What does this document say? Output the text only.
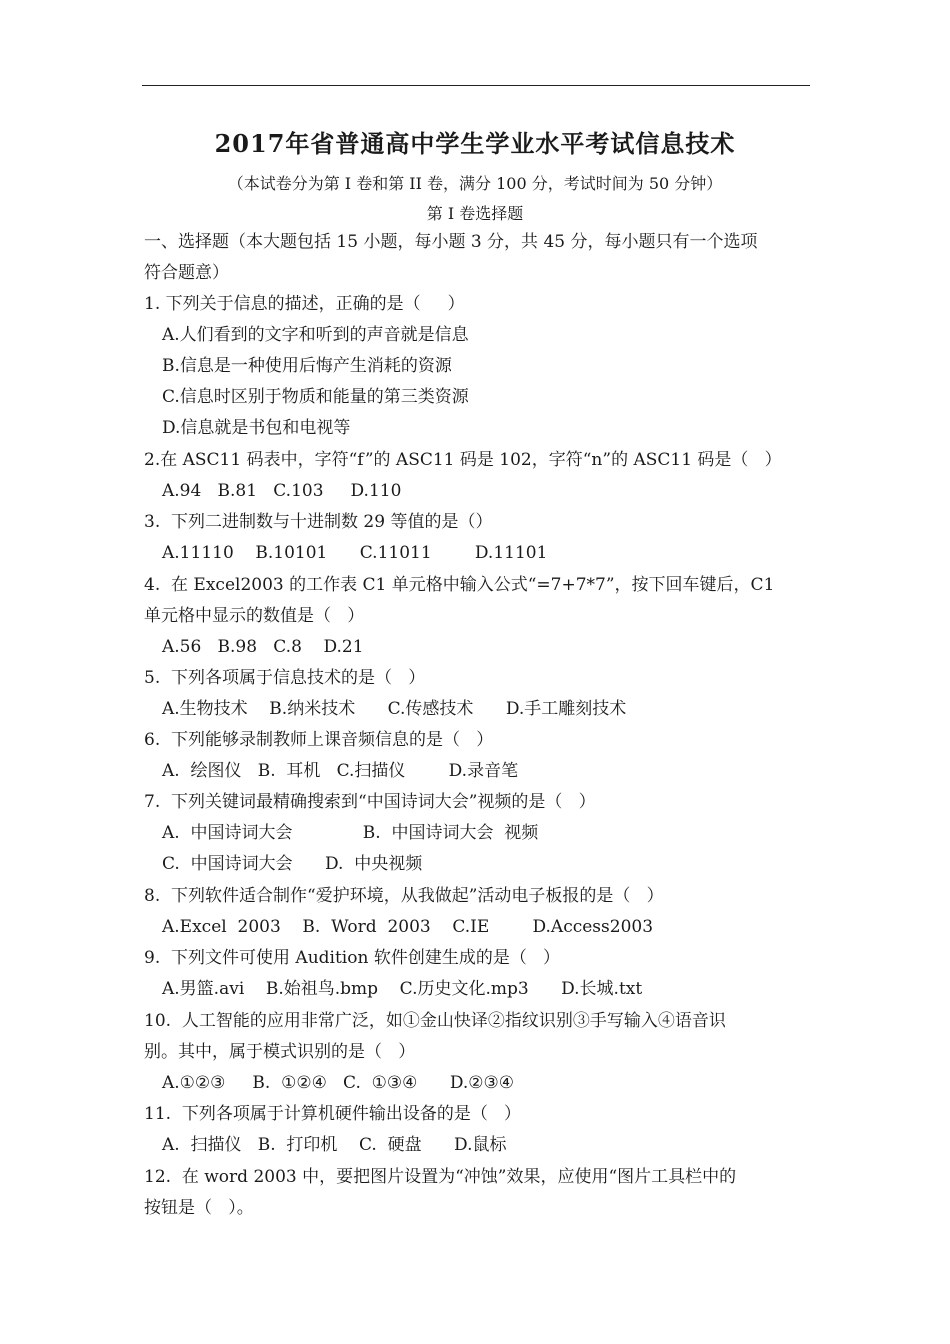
2017年省普通高中学生学业水平考试信息技术
（本试卷分为第 I 卷和第 II 卷，满分 100 分，考试时间为 50 分钟）
第 I 卷选择题
一、选择题（本大题包括 15 小题，每小题 3 分，共 45 分，每小题只有一个选项
符合题意）
1. 下列关于信息的描述，正确的是（     ）
A.人们看到的文字和听到的声音就是信息
B.信息是一种使用后悔产生消耗的资源
C.信息时区别于物质和能量的第三类资源
D.信息就是书包和电视等
2.在 ASC11 码表中，字符“f”的 ASC11 码是 102，字符“n”的 ASC11 码是（   ）
A.94   B.81   C.103     D.110
3.  下列二进制数与十进制数 29 等值的是（）
A.11110    B.10101      C.11011        D.11101
4.  在 Excel2003 的工作表 C1 单元格中输入公式“=7+7*7”，按下回车键后，C1
单元格中显示的数值是（   ）
A.56   B.98   C.8    D.21
5.  下列各项属于信息技术的是（   ）
A.生物技术    B.纳米技术      C.传感技术      D.手工雕刻技术
6.  下列能够录制教师上课音频信息的是（   ）
A.  绘图仪   B.  耳机   C.扫描仪        D.录音笔
7.  下列关键词最精确搜索到“中国诗词大会”视频的是（   ）
A.  中国诗词大会             B.  中国诗词大会  视频
C.  中国诗词大会      D.  中央视频
8.  下列软件适合制作“爱护环境，从我做起”活动电子板报的是（   ）
A.Excel  2003    B.  Word  2003    C.IE        D.Access2003
9.  下列文件可使用 Audition 软件创建生成的是（   ）
A.男篮.avi    B.始祖鸟.bmp    C.历史文化.mp3      D.长城.txt
10.  人工智能的应用非常广泛，如①金山快译②指纹识别③手写输入④语音识
别。其中，属于模式识别的是（   ）
A.①②③     B.  ①②④   C.  ①③④      D.②③④
11.  下列各项属于计算机硬件输出设备的是（   ）
A.  扫描仪   B.  打印机    C.  硬盘      D.鼠标
12.  在 word 2003 中，要把图片设置为“冲蚀”效果，应使用“图片工具栏中的
按钮是（   ）。
